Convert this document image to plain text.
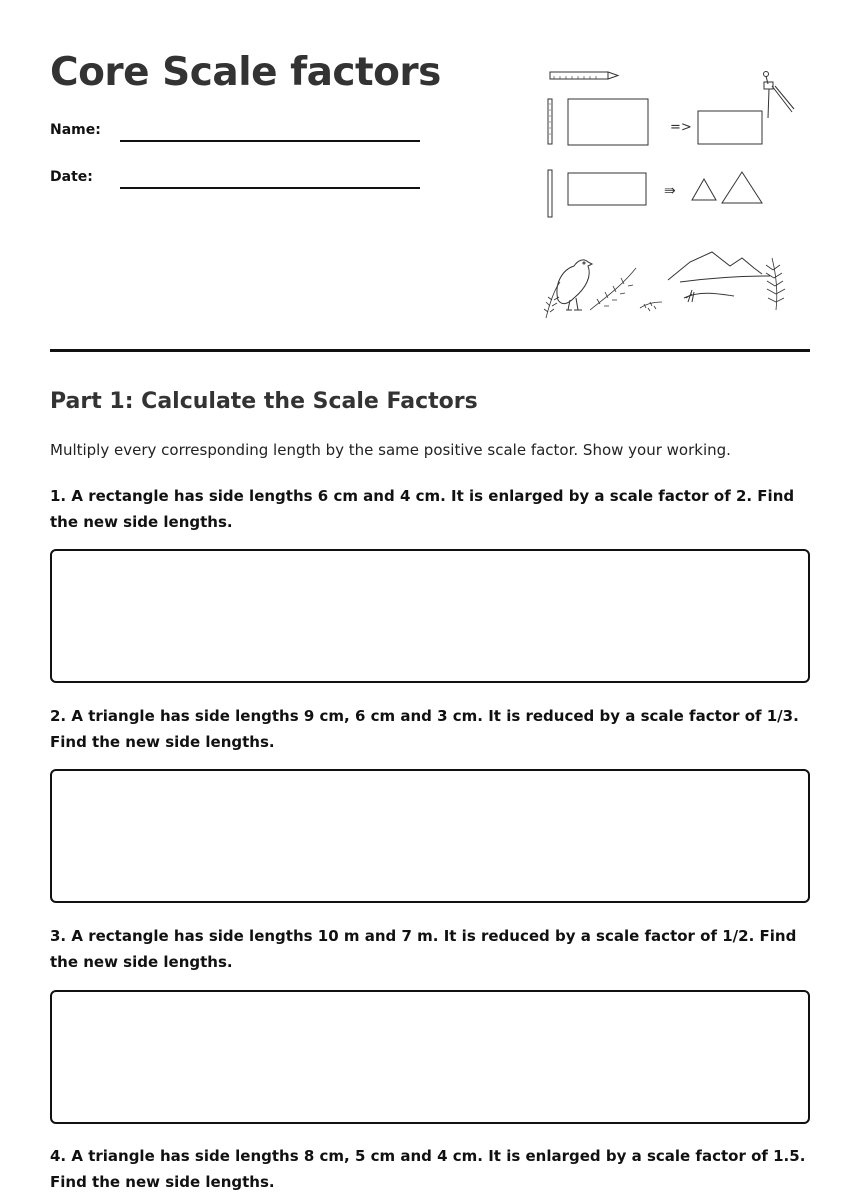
Core Scale factors
Name:
Date:
=>
⇛
Part 1: Calculate the Scale Factors

Multiply every corresponding length by the same positive scale factor. Show your working.

1. A rectangle has side lengths 6 cm and 4 cm. It is enlarged by a scale factor of 2. Find the new side lengths.

2. A triangle has side lengths 9 cm, 6 cm and 3 cm. It is reduced by a scale factor of 1/3. Find the new side lengths.

3. A rectangle has side lengths 10 m and 7 m. It is reduced by a scale factor of 1/2. Find the new side lengths.

4. A triangle has side lengths 8 cm, 5 cm and 4 cm. It is enlarged by a scale factor of 1.5. Find the new side lengths.
